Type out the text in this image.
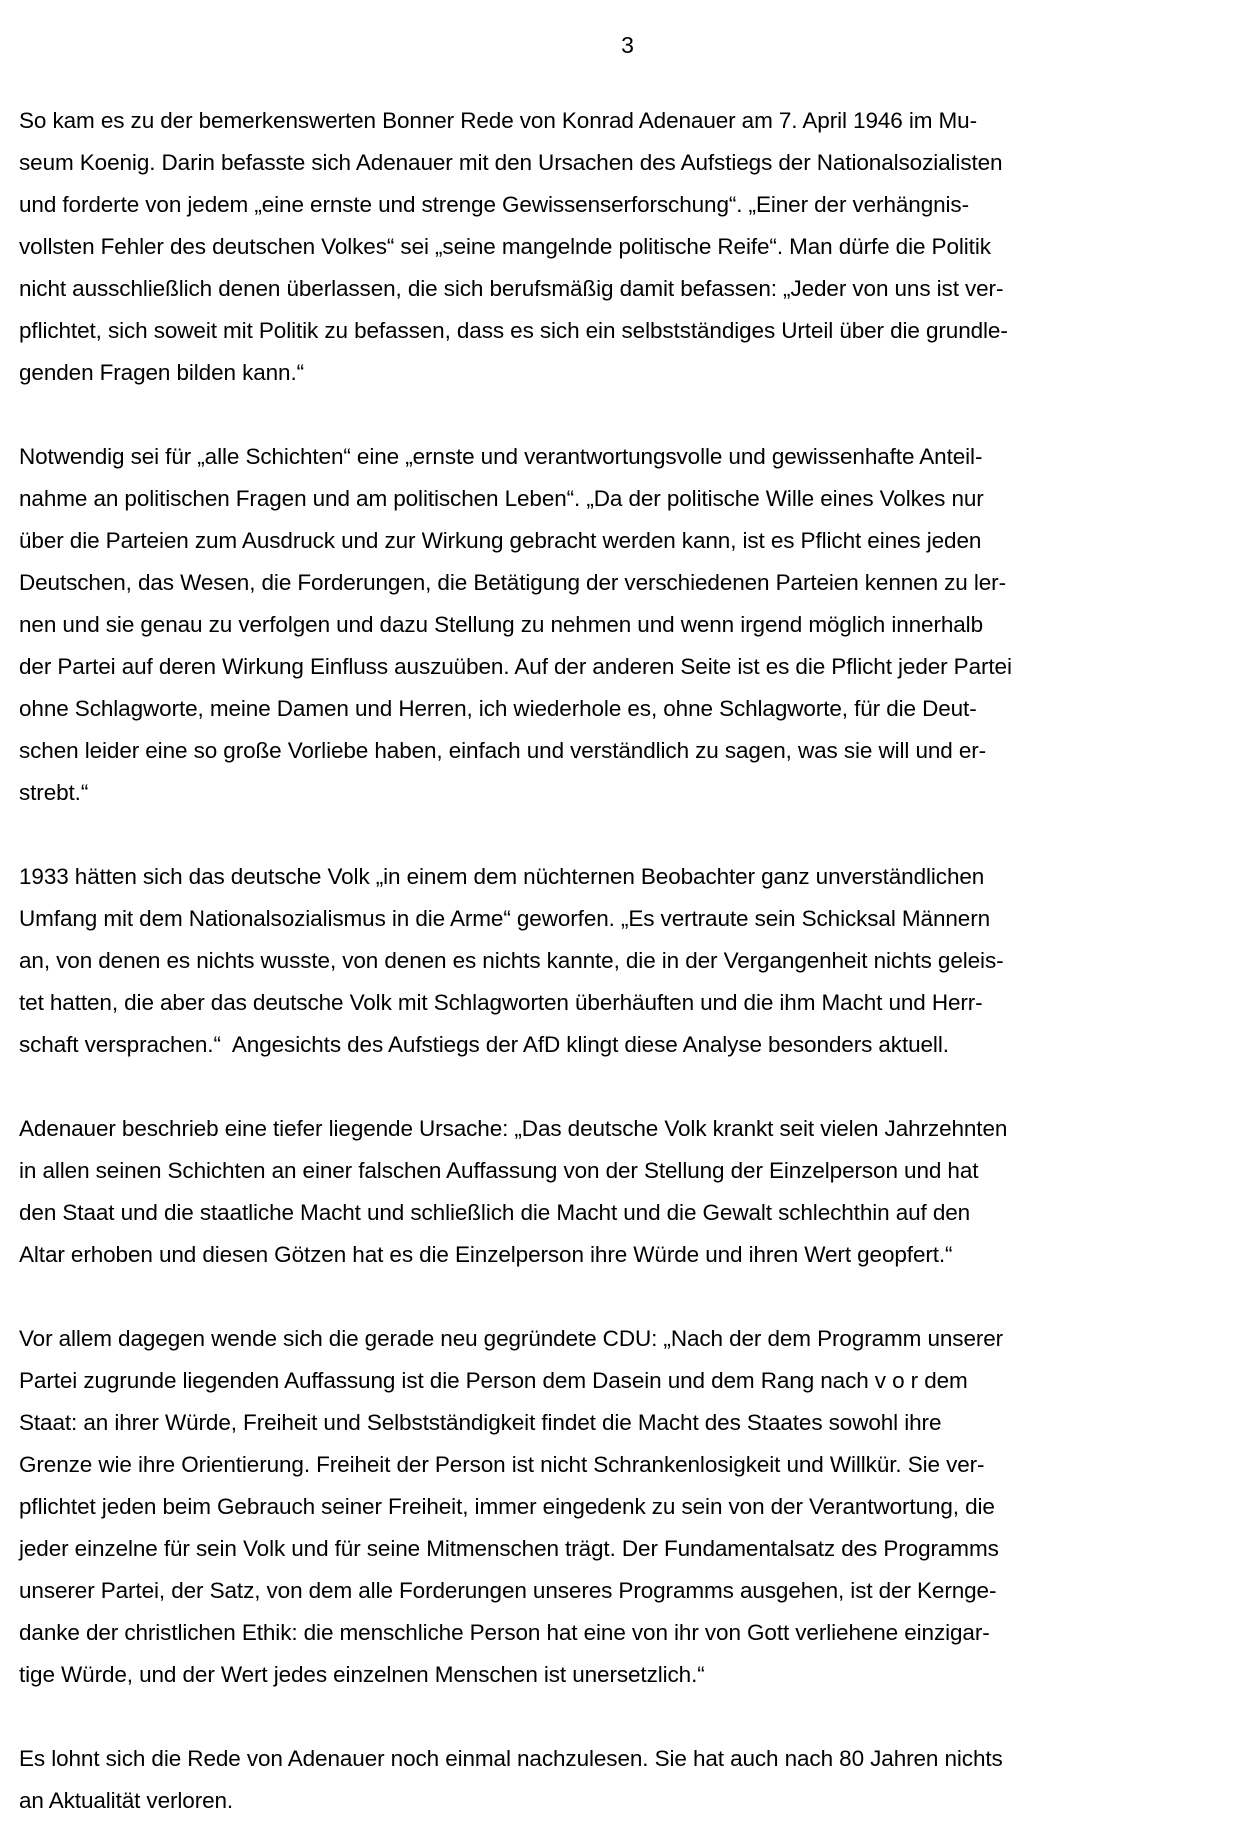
3
So kam es zu der bemerkenswerten Bonner Rede von Konrad Adenauer am 7. April 1946 im Mu-
seum Koenig. Darin befasste sich Adenauer mit den Ursachen des Aufstiegs der Nationalsozialisten
und forderte von jedem „eine ernste und strenge Gewissenserforschung“. „Einer der verhängnis-
vollsten Fehler des deutschen Volkes“ sei „seine mangelnde politische Reife“. Man dürfe die Politik
nicht ausschließlich denen überlassen, die sich berufsmäßig damit befassen: „Jeder von uns ist ver-
pflichtet, sich soweit mit Politik zu befassen, dass es sich ein selbstständiges Urteil über die grundle-
genden Fragen bilden kann.“
Notwendig sei für „alle Schichten“ eine „ernste und verantwortungsvolle und gewissenhafte Anteil-
nahme an politischen Fragen und am politischen Leben“. „Da der politische Wille eines Volkes nur
über die Parteien zum Ausdruck und zur Wirkung gebracht werden kann, ist es Pflicht eines jeden
Deutschen, das Wesen, die Forderungen, die Betätigung der verschiedenen Parteien kennen zu ler-
nen und sie genau zu verfolgen und dazu Stellung zu nehmen und wenn irgend möglich innerhalb
der Partei auf deren Wirkung Einfluss auszuüben. Auf der anderen Seite ist es die Pflicht jeder Partei
ohne Schlagworte, meine Damen und Herren, ich wiederhole es, ohne Schlagworte, für die Deut-
schen leider eine so große Vorliebe haben, einfach und verständlich zu sagen, was sie will und er-
strebt.“
1933 hätten sich das deutsche Volk „in einem dem nüchternen Beobachter ganz unverständlichen
Umfang mit dem Nationalsozialismus in die Arme“ geworfen. „Es vertraute sein Schicksal Männern
an, von denen es nichts wusste, von denen es nichts kannte, die in der Vergangenheit nichts geleis-
tet hatten, die aber das deutsche Volk mit Schlagworten überhäuften und die ihm Macht und Herr-
schaft versprachen.“  Angesichts des Aufstiegs der AfD klingt diese Analyse besonders aktuell.
Adenauer beschrieb eine tiefer liegende Ursache: „Das deutsche Volk krankt seit vielen Jahrzehnten
in allen seinen Schichten an einer falschen Auffassung von der Stellung der Einzelperson und hat
den Staat und die staatliche Macht und schließlich die Macht und die Gewalt schlechthin auf den
Altar erhoben und diesen Götzen hat es die Einzelperson ihre Würde und ihren Wert geopfert.“
Vor allem dagegen wende sich die gerade neu gegründete CDU: „Nach der dem Programm unserer
Partei zugrunde liegenden Auffassung ist die Person dem Dasein und dem Rang nach v o r dem
Staat: an ihrer Würde, Freiheit und Selbstständigkeit findet die Macht des Staates sowohl ihre
Grenze wie ihre Orientierung. Freiheit der Person ist nicht Schrankenlosigkeit und Willkür. Sie ver-
pflichtet jeden beim Gebrauch seiner Freiheit, immer eingedenk zu sein von der Verantwortung, die
jeder einzelne für sein Volk und für seine Mitmenschen trägt. Der Fundamentalsatz des Programms
unserer Partei, der Satz, von dem alle Forderungen unseres Programms ausgehen, ist der Kernge-
danke der christlichen Ethik: die menschliche Person hat eine von ihr von Gott verliehene einzigar-
tige Würde, und der Wert jedes einzelnen Menschen ist unersetzlich.“
Es lohnt sich die Rede von Adenauer noch einmal nachzulesen. Sie hat auch nach 80 Jahren nichts
an Aktualität verloren.
